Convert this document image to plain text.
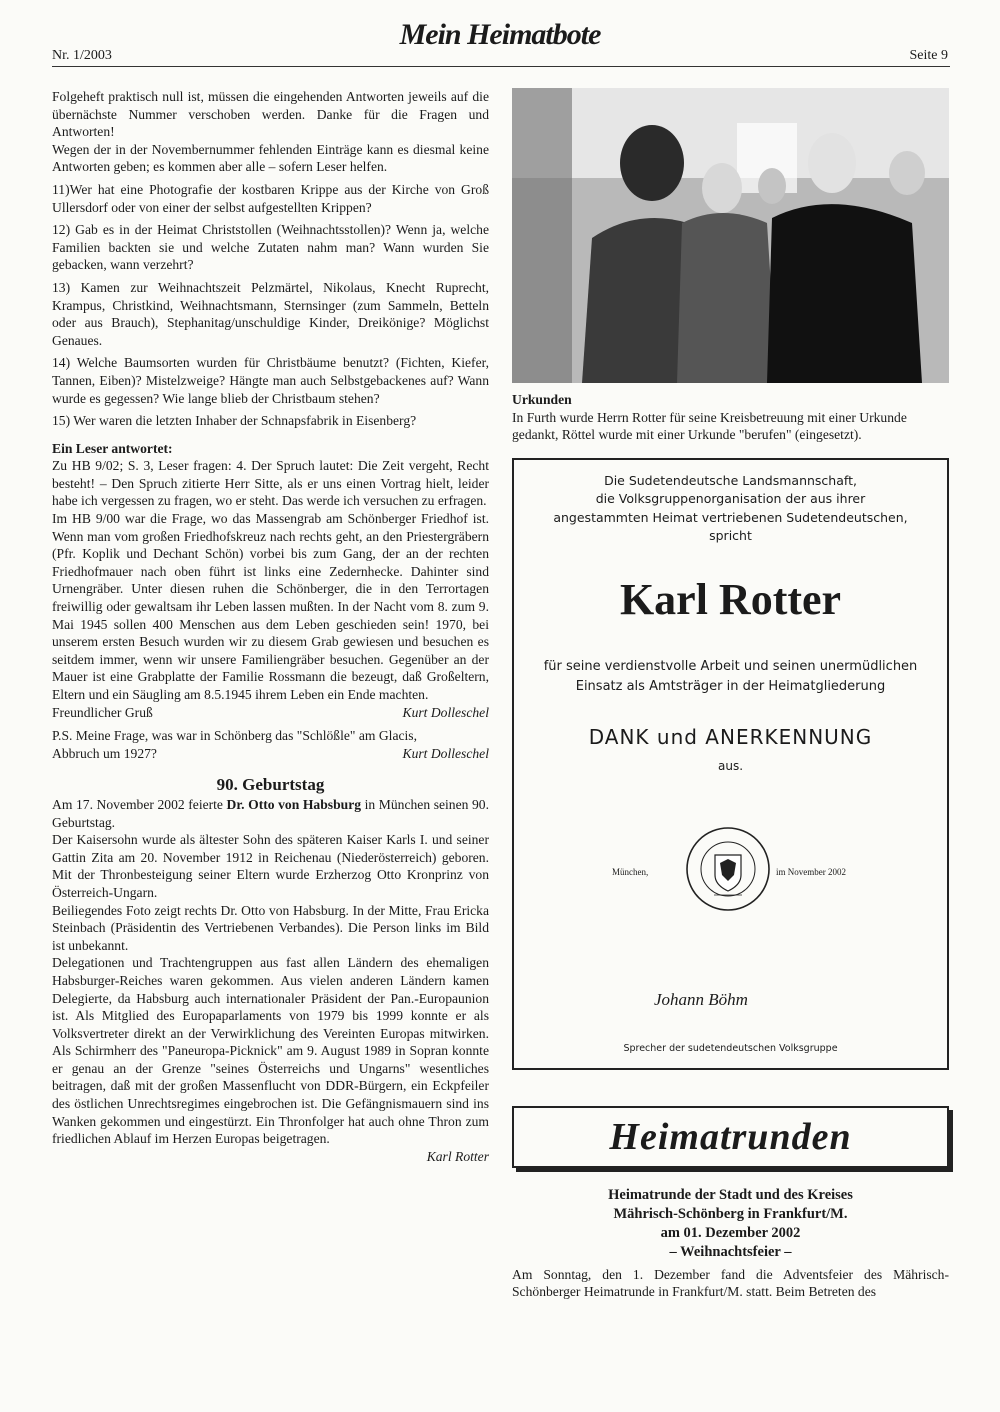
Nr. 1/2003
Mein Heimatbote
Seite 9

Folgeheft praktisch null ist, müssen die eingehenden Antworten jeweils auf die übernächste Nummer verschoben werden. Danke für die Fragen und Antworten!

Wegen der in der Novembernummer fehlenden Einträge kann es diesmal keine Antworten geben; es kommen aber alle – sofern Leser helfen.

11)Wer hat eine Photografie der kostbaren Krippe aus der Kirche von Groß Ullersdorf oder von einer der selbst aufgestellten Krippen?

12) Gab es in der Heimat Christstollen (Weihnachtsstollen)? Wenn ja, welche Familien backten sie und welche Zutaten nahm man? Wann wurden Sie gebacken, wann verzehrt?

13) Kamen zur Weihnachtszeit Pelzmärtel, Nikolaus, Knecht Ruprecht, Krampus, Christkind, Weihnachtsmann, Sternsinger (zum Sammeln, Betteln oder aus Brauch), Stephanitag/unschuldige Kinder, Dreikönige? Möglichst Genaues.

14) Welche Baumsorten wurden für Christbäume benutzt? (Fichten, Kiefer, Tannen, Eiben)? Mistelzweige? Hängte man auch Selbstgebackenes auf? Wann wurde es gegessen? Wie lange blieb der Christbaum stehen?

15) Wer waren die letzten Inhaber der Schnapsfabrik in Eisenberg?

Ein Leser antwortet:

Zu HB 9/02; S. 3, Leser fragen: 4. Der Spruch lautet: Die Zeit vergeht, Recht besteht! – Den Spruch zitierte Herr Sitte, als er uns einen Vortrag hielt, leider habe ich vergessen zu fragen, wo er steht. Das werde ich versuchen zu erfragen.

Im HB 9/00 war die Frage, wo das Massengrab am Schönberger Friedhof ist. Wenn man vom großen Friedhofskreuz nach rechts geht, an den Priestergräbern (Pfr. Koplik und Dechant Schön) vorbei bis zum Gang, der an der rechten Friedhofmauer nach oben führt ist links eine Zedernhecke. Dahinter sind Urnengräber. Unter diesen ruhen die Schönberger, die in den Terrortagen freiwillig oder gewaltsam ihr Leben lassen mußten. In der Nacht vom 8. zum 9. Mai 1945 sollen 400 Menschen aus dem Leben geschieden sein! 1970, bei unserem ersten Besuch wurden wir zu diesem Grab gewiesen und besuchen es seitdem immer, wenn wir unsere Familiengräber besuchen. Gegenüber an der Mauer ist eine Grabplatte der Familie Rossmann die bezeugt, daß Großeltern, Eltern und ein Säugling am 8.5.1945 ihrem Leben ein Ende machten.

Freundlicher Gruß	Kurt Dolleschel

P.S. Meine Frage, was war in Schönberg das "Schlößle" am Glacis,

Abbruch um 1927?	Kurt Dolleschel
90. Geburtstag

Am 17. November 2002 feierte Dr. Otto von Habsburg in München seinen 90. Geburtstag.

Der Kaisersohn wurde als ältester Sohn des späteren Kaiser Karls I. und seiner Gattin Zita am 20. November 1912 in Reichenau (Niederösterreich) geboren. Mit der Thronbesteigung seiner Eltern wurde Erzherzog Otto Kronprinz von Österreich-Ungarn.

Beiliegendes Foto zeigt rechts Dr. Otto von Habsburg. In der Mitte, Frau Ericka Steinbach (Präsidentin des Vertriebenen Verbandes). Die Person links im Bild ist unbekannt.

Delegationen und Trachtengruppen aus fast allen Ländern des ehemaligen Habsburger-Reiches waren gekommen. Aus vielen anderen Ländern kamen Delegierte, da Habsburg auch internationaler Präsident der Pan.-Europaunion ist. Als Mitglied des Europaparlaments von 1979 bis 1999 konnte er als Volksvertreter direkt an der Verwirklichung des Vereinten Europas mitwirken. Als Schirmherr des "Paneuropa-Picknick" am 9. August 1989 in Sopran konnte er genau an der Grenze "seines Österreichs und Ungarns" wesentliches beitragen, daß mit der großen Massenflucht von DDR-Bürgern, ein Eckpfeiler des östlichen Unrechtsregimes eingebrochen ist. Die Gefängnismauern sind ins Wanken gekommen und eingestürzt. Ein Thronfolger hat auch ohne Thron zum friedlichen Ablauf im Herzen Europas beigetragen.

Karl Rotter
Urkunden
In Furth wurde Herrn Rotter für seine Kreisbetreuung mit einer Urkunde gedankt, Röttel wurde mit einer Urkunde "berufen" (eingesetzt).
Die Sudetendeutsche Landsmannschaft,
die Volksgruppenorganisation der aus ihrer
angestammten Heimat vertriebenen Sudetendeutschen,
spricht
Karl Rotter
für seine verdienstvolle Arbeit und seinen unermüdlichen
Einsatz als Amtsträger in der Heimatgliederung
DANK und ANERKENNUNG
aus.
München,	im November 2002
Johann Böhm
Sprecher der sudetendeutschen Volksgruppe
Heimatrunden
Heimatrunde der Stadt und des Kreises
Mährisch-Schönberg in Frankfurt/M.
am 01. Dezember 2002
– Weihnachtsfeier –
Am Sonntag, den 1. Dezember fand die Adventsfeier des Mährisch-Schönberger Heimatrunde in Frankfurt/M. statt. Beim Betreten des
